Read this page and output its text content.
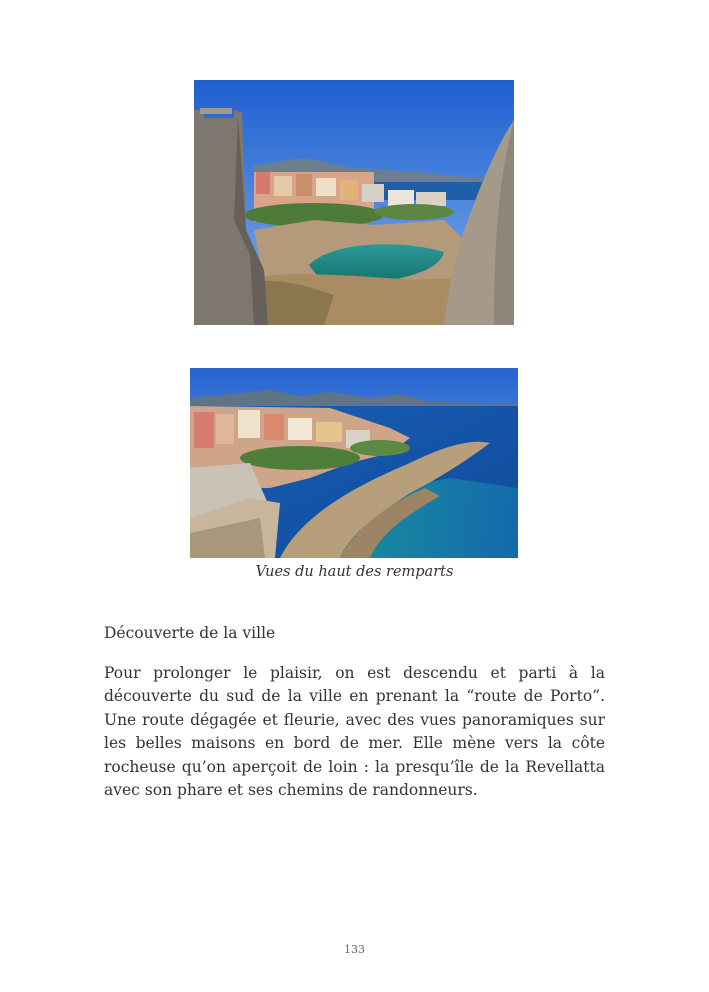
Vues du haut des remparts
Découverte de la ville

Pour prolonger le plaisir, on est descendu et parti à la découverte du sud de la ville en prenant la “route de Porto”. Une route dégagée et fleurie, avec des vues panoramiques sur les belles maisons en bord de mer. Elle mène vers la côte rocheuse qu’on aperçoit de loin : la presqu’île de la Revellatta avec son phare et ses chemins de randonneurs.

133
